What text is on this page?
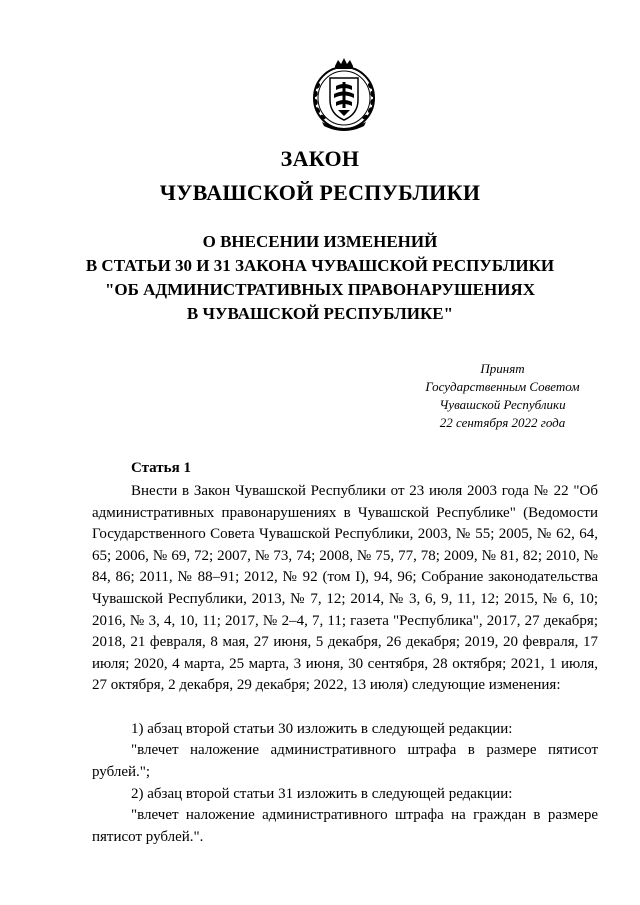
ЗАКОН
ЧУВАШСКОЙ РЕСПУБЛИКИ
О ВНЕСЕНИИ ИЗМЕНЕНИЙ
В СТАТЬИ 30 И 31 ЗАКОНА ЧУВАШСКОЙ РЕСПУБЛИКИ
"ОБ АДМИНИСТРАТИВНЫХ ПРАВОНАРУШЕНИЯХ
В ЧУВАШСКОЙ РЕСПУБЛИКЕ"
Принят
Государственным Советом
Чувашской Республики
22 сентября 2022 года
Статья 1

Внести в Закон Чувашской Республики от 23 июля 2003 года № 22 "Об административных правонарушениях в Чувашской Республике" (Ведомости Государственного Совета Чувашской Республики, 2003, № 55; 2005, № 62, 64, 65; 2006, № 69, 72; 2007, № 73, 74; 2008, № 75, 77, 78; 2009, № 81, 82; 2010, № 84, 86; 2011, № 88–91; 2012, № 92 (том I), 94, 96; Собрание законодательства Чувашской Республики, 2013, № 7, 12; 2014, № 3, 6, 9, 11, 12; 2015, № 6, 10; 2016, № 3, 4, 10, 11; 2017, № 2–4, 7, 11; газета "Республика", 2017, 27 декабря; 2018, 21 февраля, 8 мая, 27 июня, 5 декабря, 26 декабря; 2019, 20 февраля, 17 июля; 2020, 4 марта, 25 марта, 3 июня, 30 сентября, 28 октября; 2021, 1 июля, 27 октября, 2 декабря, 29 декабря; 2022, 13 июля) следующие изменения:

1) абзац второй статьи 30 изложить в следующей редакции:

"влечет наложение административного штрафа в размере пятисот рублей.";

2) абзац второй статьи 31 изложить в следующей редакции:

"влечет наложение административного штрафа на граждан в размере пятисот рублей.".
